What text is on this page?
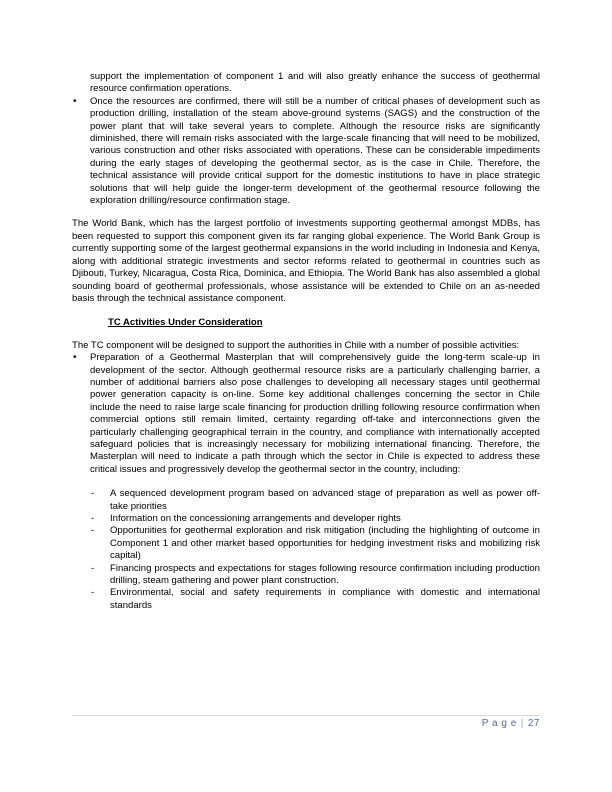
support the implementation of component 1 and will also greatly enhance the success of geothermal resource confirmation operations.

• Once the resources are confirmed, there will still be a number of critical phases of development such as production drilling, installation of the steam above-ground systems (SAGS) and the construction of the power plant that will take several years to complete. Although the resource risks are significantly diminished, there will remain risks associated with the large-scale financing that will need to be mobilized, various construction and other risks associated with operations. These can be considerable impediments during the early stages of developing the geothermal sector, as is the case in Chile. Therefore, the technical assistance will provide critical support for the domestic institutions to have in place strategic solutions that will help guide the longer-term development of the geothermal resource following the exploration drilling/resource confirmation stage.

The World Bank, which has the largest portfolio of investments supporting geothermal amongst MDBs, has been requested to support this component given its far ranging global experience. The World Bank Group is currently supporting some of the largest geothermal expansions in the world including in Indonesia and Kenya, along with additional strategic investments and sector reforms related to geothermal in countries such as Djibouti, Turkey, Nicaragua, Costa Rica, Dominica, and Ethiopia. The World Bank has also assembled a global sounding board of geothermal professionals, whose assistance will be extended to Chile on an as-needed basis through the technical assistance component.

TC Activities Under Consideration

The TC component will be designed to support the authorities in Chile with a number of possible activities:

• Preparation of a Geothermal Masterplan that will comprehensively guide the long-term scale-up in development of the sector. Although geothermal resource risks are a particularly challenging barrier, a number of additional barriers also pose challenges to developing all necessary stages until geothermal power generation capacity is on-line. Some key additional challenges concerning the sector in Chile include the need to raise large scale financing for production drilling following resource confirmation when commercial options still remain limited, certainty regarding off-take and interconnections given the particularly challenging geographical terrain in the country, and compliance with internationally accepted safeguard policies that is increasingly necessary for mobilizing international financing. Therefore, the Masterplan will need to indicate a path through which the sector in Chile is expected to address these critical issues and progressively develop the geothermal sector in the country, including:
- A sequenced development program based on advanced stage of preparation as well as power off-take priorities
- Information on the concessioning arrangements and developer rights
- Opportunities for geothermal exploration and risk mitigation (including the highlighting of outcome in Component 1 and other market based opportunities for hedging investment risks and mobilizing risk capital)
- Financing prospects and expectations for stages following resource confirmation including production drilling, steam gathering and power plant construction.
- Environmental, social and safety requirements in compliance with domestic and international standards
P a g e | 27
